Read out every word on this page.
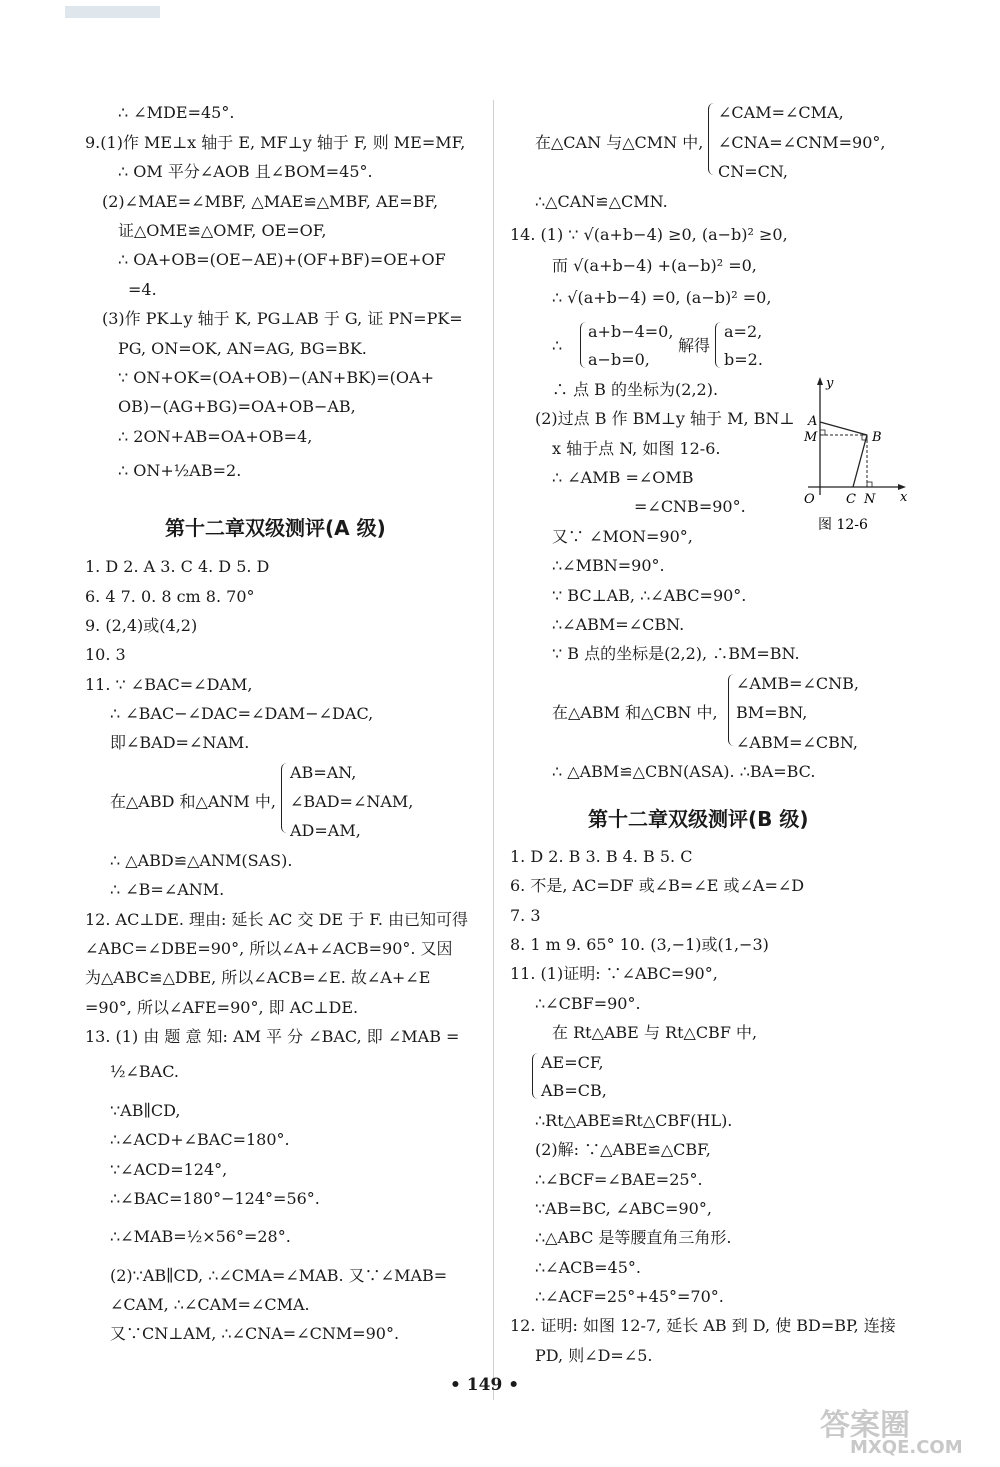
∴ ∠MDE=45°.
9.(1)作 ME⊥x 轴于 E, MF⊥y 轴于 F, 则 ME=MF,
∴ OM 平分∠AOB 且∠BOM=45°.
(2)∠MAE=∠MBF, △MAE≌△MBF, AE=BF,
证△OME≌△OMF, OE=OF,
∴ OA+OB=(OE−AE)+(OF+BF)=OE+OF
=4.
(3)作 PK⊥y 轴于 K, PG⊥AB 于 G, 证 PN=PK=
PG, ON=OK, AN=AG, BG=BK.
∵ ON+OK=(OA+OB)−(AN+BK)=(OA+
OB)−(AG+BG)=OA+OB−AB,
∴ 2ON+AB=OA+OB=4,
∴ ON+½AB=2.
第十二章双级测评(A 级)
1. D 2. A 3. C 4. D 5. D
6. 4 7. 0. 8 cm 8. 70°
9. (2,4)或(4,2)
10. 3
11. ∵ ∠BAC=∠DAM,
∴ ∠BAC−∠DAC=∠DAM−∠DAC,
即∠BAD=∠NAM.
AB=AN,
在△ABD 和△ANM 中, ∠BAD=∠NAM,
AD=AM,
∴ △ABD≌△ANM(SAS).
∴ ∠B=∠ANM.
12. AC⊥DE. 理由: 延长 AC 交 DE 于 F. 由已知可得
∠ABC=∠DBE=90°, 所以∠A+∠ACB=90°. 又因
为△ABC≌△DBE, 所以∠ACB=∠E. 故∠A+∠E
=90°, 所以∠AFE=90°, 即 AC⊥DE.
13. (1) 由 题 意 知: AM 平 分 ∠BAC, 即 ∠MAB =
½∠BAC.
∵AB∥CD,
∴∠ACD+∠BAC=180°.
∵∠ACD=124°,
∴∠BAC=180°−124°=56°.
∴∠MAB=½×56°=28°.
(2)∵AB∥CD, ∴∠CMA=∠MAB. 又∵∠MAB=
∠CAM, ∴∠CAM=∠CMA.
又∵CN⊥AM, ∴∠CNA=∠CNM=90°.
∠CAM=∠CMA,
在△CAN 与△CMN 中, ∠CNA=∠CNM=90°,
CN=CN,
∴△CAN≌△CMN.
14. (1) ∵ √(a+b−4) ≥0, (a−b)² ≥0,
而 √(a+b−4) +(a−b)² =0,
∴ √(a+b−4) =0, (a−b)² =0,
a+b−4=0,
∴
a−b=0,
解得
a=2,
b=2.
∴ 点 B 的坐标为(2,2).
(2)过点 B 作 BM⊥y 轴于 M, BN⊥
x 轴于点 N, 如图 12-6.
∴ ∠AMB =∠OMB
=∠CNB=90°.
又∵ ∠MON=90°,
∴∠MBN=90°.
∵ BC⊥AB, ∴∠ABC=90°.
∴∠ABM=∠CBN.
∵ B 点的坐标是(2,2), ∴BM=BN.
∠AMB=∠CNB,
在△ABM 和△CBN 中, BM=BN,
∠ABM=∠CBN,
∴ △ABM≌△CBN(ASA). ∴BA=BC.
第十二章双级测评(B 级)
1. D 2. B 3. B 4. B 5. C
6. 不是, AC=DF 或∠B=∠E 或∠A=∠D
7. 3
8. 1 m 9. 65° 10. (3,−1)或(1,−3)
11. (1)证明: ∵∠ABC=90°,
∴∠CBF=90°.
在 Rt△ABE 与 Rt△CBF 中,
AE=CF,
AB=CB,
∴Rt△ABE≌Rt△CBF(HL).
(2)解: ∵△ABE≌△CBF,
∴∠BCF=∠BAE=25°.
∵AB=BC, ∠ABC=90°,
∴△ABC 是等腰直角三角形.
∴∠ACB=45°.
∴∠ACF=25°+45°=70°.
12. 证明: 如图 12-7, 延长 AB 到 D, 使 BD=BP, 连接
PD, 则∠D=∠5.
y
x
A
M	B
O C N
图 12-6
• 149 •
答案圈
MXQE.COM
